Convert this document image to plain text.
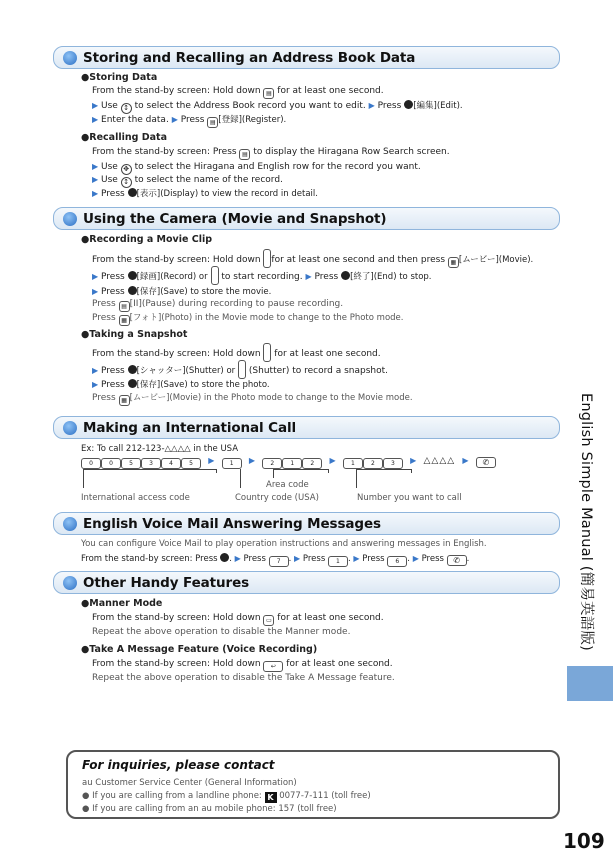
Storing and Recalling an Address Book Data
●Storing Data
From the stand-by screen: Hold down ▤ for at least one second.
▶ Use ↕ to select the Address Book record you want to edit. ▶ Press [編集](Edit).
▶ Enter the data. ▶ Press ▤ [登録](Register).
●Recalling Data
From the stand-by screen: Press ▤ to display the Hiragana Row Search screen.
▶ Use ✥ to select the Hiragana and English row for the record you want.
▶ Use ↕ to select the name of the record.
▶ Press [表示](Display) to view the record in detail.
Using the Camera (Movie and Snapshot)
●Recording a Movie Clip
From the stand-by screen: Hold down for at least one second and then press ▦ [ムービー](Movie).
▶ Press [録画](Record) or to start recording. ▶ Press [終了](End) to stop.
▶ Press [保存](Save) to store the movie.
Press ▤ [II](Pause) during recording to pause recording.
Press ▦ [フォト](Photo) in the Movie mode to change to the Photo mode.
●Taking a Snapshot
From the stand-by screen: Hold down for at least one second.
▶ Press [シャッター](Shutter) or (Shutter) to record a snapshot.
▶ Press [保存](Save) to store the photo.
Press ▦ [ムービー](Movie) in the Photo mode to change to the Movie mode.
Making an International Call
Ex: To call 212-123-△△△△ in the USA
0	0	5	3	4	5 ▶	1 ▶	2	1	2 ▶	1	2	3 ▶ △△△△ ▶ ✆
Area code
International access code	Country code (USA)	Number you want to call
English Voice Mail Answering Messages
You can configure Voice Mail to play operation instructions and answering messages in English.
From the stand-by screen: Press . ▶ Press 7 . ▶ Press 1 . ▶ Press 6 . ▶ Press ✆ .
Other Handy Features
●Manner Mode
From the stand-by screen: Hold down ▭ for at least one second.
Repeat the above operation to disable the Manner mode.
●Take A Message Feature (Voice Recording)
From the stand-by screen: Hold down ↩ for at least one second.
Repeat the above operation to disable the Take A Message feature.
For inquiries, please contact
au Customer Service Center (General Information)
● If you are calling from a landline phone: K 0077-7-111 (toll free)
● If you are calling from an au mobile phone: 157 (toll free)
English Simple Manual (簡易英語版)
109
